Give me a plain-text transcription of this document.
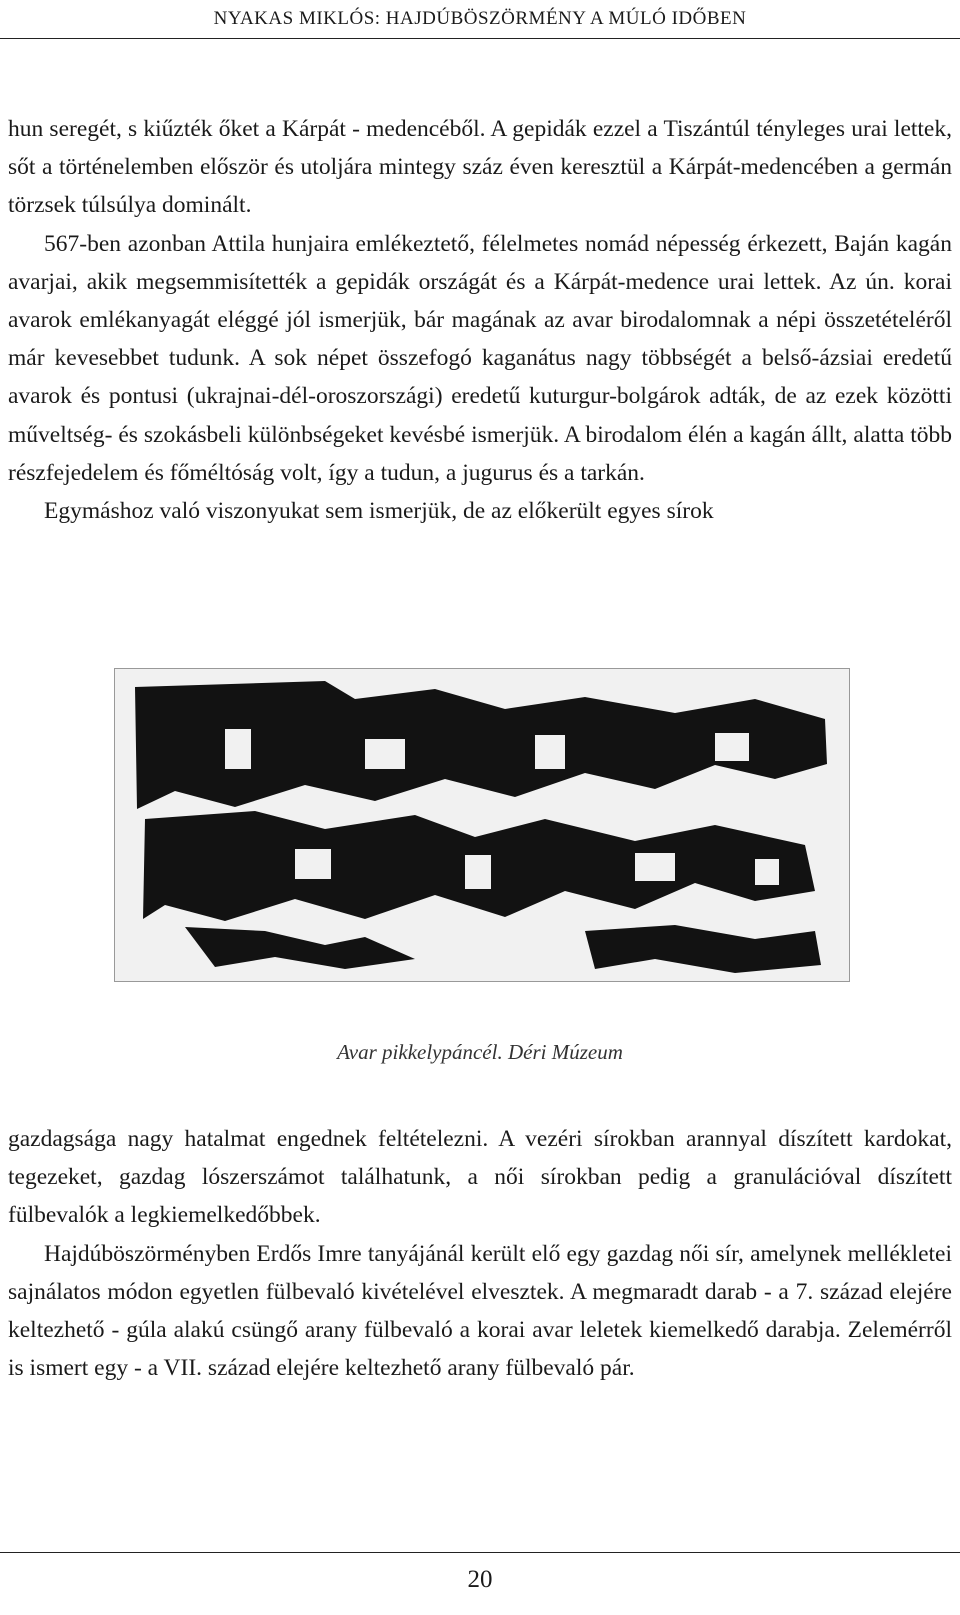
NYAKAS MIKLÓS: HAJDÚBÖSZÖRMÉNY A MÚLÓ IDŐBEN

hun seregét, s kiűzték őket a Kárpát - medencéből. A gepidák ezzel a Tiszántúl tényleges urai lettek, sőt a történelemben először és utoljára mintegy száz éven keresztül a Kárpát-medencében a germán törzsek túlsúlya dominált.

567-ben azonban Attila hunjaira emlékeztető, félelmetes nomád népesség érkezett, Baján kagán avarjai, akik megsemmisítették a gepidák országát és a Kárpát-medence urai lettek. Az ún. korai avarok emlékanyagát eléggé jól ismerjük, bár magának az avar birodalomnak a népi összetételéről már kevesebbet tudunk. A sok népet összefogó kaganátus nagy többségét a belső-ázsiai eredetű avarok és pontusi (ukrajnai-dél-oroszországi) eredetű kuturgur-bolgárok adták, de az ezek közötti műveltség- és szokásbeli különbségeket kevésbé ismerjük. A birodalom élén a kagán állt, alatta több részfejedelem és főméltóság volt, így a tudun, a jugurus és a tarkán.

Egymáshoz való viszonyukat sem ismerjük, de az előkerült egyes sírok

Avar pikkelypáncél. Déri Múzeum

gazdagsága nagy hatalmat engednek feltételezni. A vezéri sírokban arannyal díszített kardokat, tegezeket, gazdag lószerszámot találhatunk, a női sírokban pedig a granulációval díszített fülbevalók a legkiemelkedőbbek.

Hajdúböszörményben Erdős Imre tanyájánál került elő egy gazdag női sír, amelynek mellékletei sajnálatos módon egyetlen fülbevaló kivételével elvesztek. A megmaradt darab - a 7. század elejére keltezhető - gúla alakú csüngő arany fülbevaló a korai avar leletek kiemelkedő darabja. Zelemérről is ismert egy - a VII. század elejére keltezhető arany fülbevaló pár.

20
